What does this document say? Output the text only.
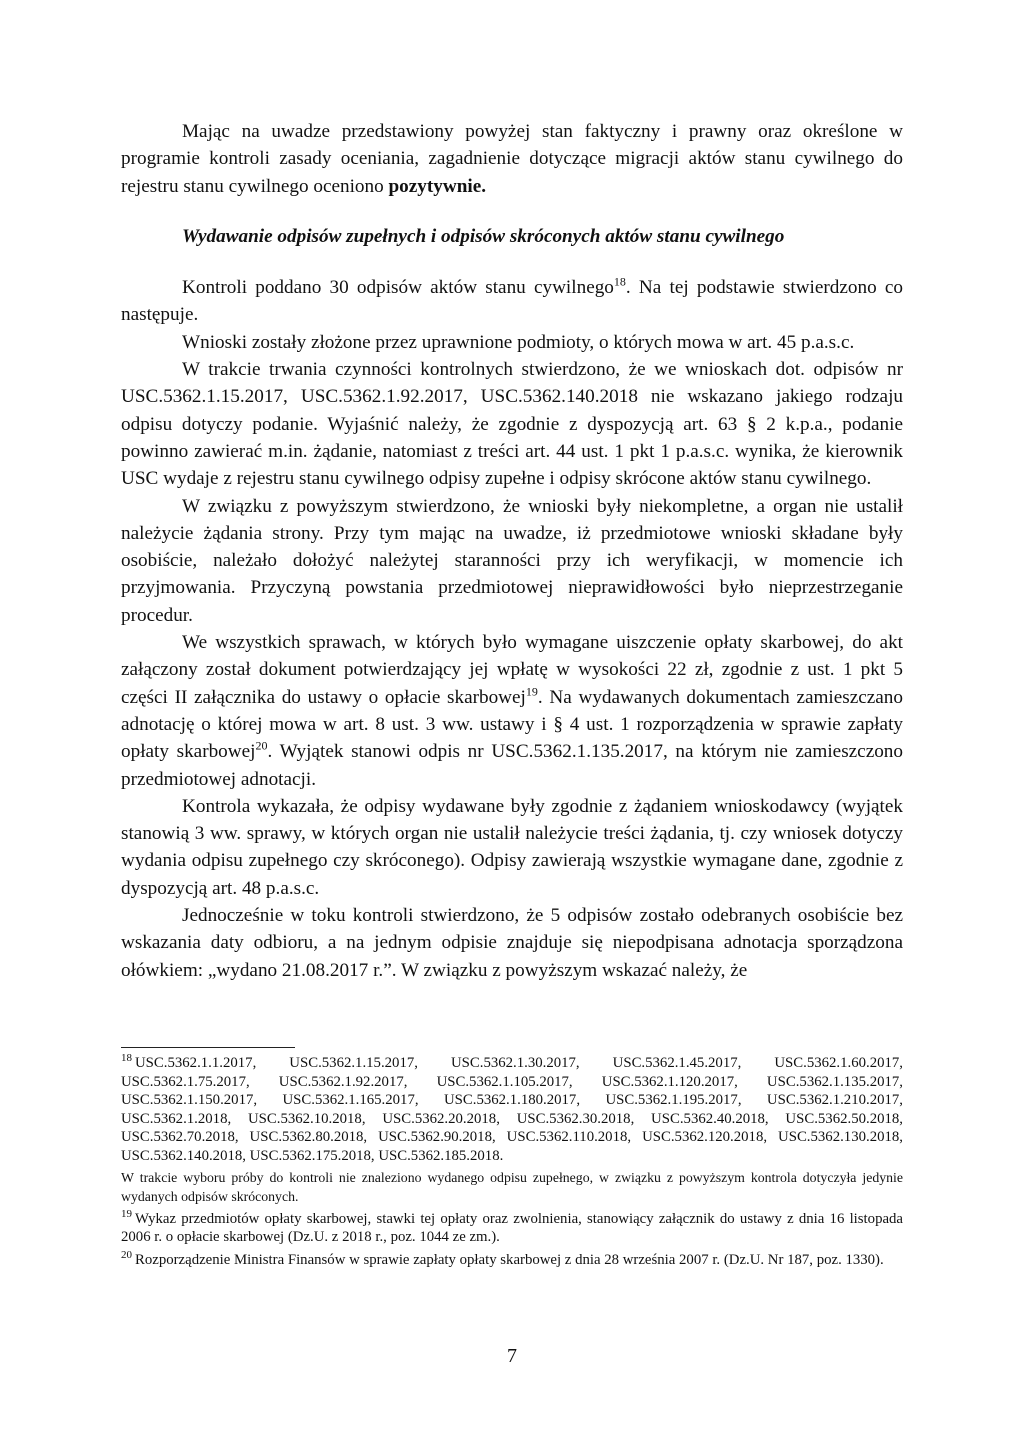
Mając na uwadze przedstawiony powyżej stan faktyczny i prawny oraz określone w programie kontroli zasady oceniania, zagadnienie dotyczące migracji aktów stanu cywilnego do rejestru stanu cywilnego oceniono pozytywnie.

Wydawanie odpisów zupełnych i odpisów skróconych aktów stanu cywilnego

Kontroli poddano 30 odpisów aktów stanu cywilnego$^{18}$. Na tej podstawie stwierdzono co następuje.

Wnioski zostały złożone przez uprawnione podmioty, o których mowa w art. 45 p.a.s.c.

W trakcie trwania czynności kontrolnych stwierdzono, że we wnioskach dot. odpisów nr USC.5362.1.15.2017, USC.5362.1.92.2017, USC.5362.140.2018 nie wskazano jakiego rodzaju odpisu dotyczy podanie. Wyjaśnić należy, że zgodnie z dyspozycją art. 63 § 2 k.p.a., podanie powinno zawierać m.in. żądanie, natomiast z treści art. 44 ust. 1 pkt 1 p.a.s.c. wynika, że kierownik USC wydaje z rejestru stanu cywilnego odpisy zupełne i odpisy skrócone aktów stanu cywilnego.

W związku z powyższym stwierdzono, że wnioski były niekompletne, a organ nie ustalił należycie żądania strony. Przy tym mając na uwadze, iż przedmiotowe wnioski składane były osobiście, należało dołożyć należytej staranności przy ich weryfikacji, w momencie ich przyjmowania. Przyczyną powstania przedmiotowej nieprawidłowości było nieprzestrzeganie procedur.

We wszystkich sprawach, w których było wymagane uiszczenie opłaty skarbowej, do akt załączony został dokument potwierdzający jej wpłatę w wysokości 22 zł, zgodnie z ust. 1 pkt 5 części II załącznika do ustawy o opłacie skarbowej$^{19}$. Na wydawanych dokumentach zamieszczano adnotację o której mowa w art. 8 ust. 3 ww. ustawy i § 4 ust. 1 rozporządzenia w sprawie zapłaty opłaty skarbowej$^{20}$. Wyjątek stanowi odpis nr USC.5362.1.135.2017, na którym nie zamieszczono przedmiotowej adnotacji.

Kontrola wykazała, że odpisy wydawane były zgodnie z żądaniem wnioskodawcy (wyjątek stanowią 3 ww. sprawy, w których organ nie ustalił należycie treści żądania, tj. czy wniosek dotyczy wydania odpisu zupełnego czy skróconego). Odpisy zawierają wszystkie wymagane dane, zgodnie z dyspozycją art. 48 p.a.s.c.

Jednocześnie w toku kontroli stwierdzono, że 5 odpisów zostało odebranych osobiście bez wskazania daty odbioru, a na jednym odpisie znajduje się niepodpisana adnotacja sporządzona ołówkiem: „wydano 21.08.2017 r.”. W związku z powyższym wskazać należy, że

$^{18}$ USC.5362.1.1.2017, USC.5362.1.15.2017, USC.5362.1.30.2017, USC.5362.1.45.2017, USC.5362.1.60.2017, USC.5362.1.75.2017, USC.5362.1.92.2017, USC.5362.1.105.2017, USC.5362.1.120.2017, USC.5362.1.135.2017, USC.5362.1.150.2017, USC.5362.1.165.2017, USC.5362.1.180.2017, USC.5362.1.195.2017, USC.5362.1.210.2017, USC.5362.1.2018, USC.5362.10.2018, USC.5362.20.2018, USC.5362.30.2018, USC.5362.40.2018, USC.5362.50.2018, USC.5362.70.2018, USC.5362.80.2018, USC.5362.90.2018, USC.5362.110.2018, USC.5362.120.2018, USC.5362.130.2018, USC.5362.140.2018, USC.5362.175.2018, USC.5362.185.2018.

W trakcie wyboru próby do kontroli nie znaleziono wydanego odpisu zupełnego, w związku z powyższym kontrola dotyczyła jedynie wydanych odpisów skróconych.

$^{19}$ Wykaz przedmiotów opłaty skarbowej, stawki tej opłaty oraz zwolnienia, stanowiący załącznik do ustawy z dnia 16 listopada 2006 r. o opłacie skarbowej (Dz.U. z 2018 r., poz. 1044 ze zm.).

$^{20}$ Rozporządzenie Ministra Finansów w sprawie zapłaty opłaty skarbowej z dnia 28 września 2007 r. (Dz.U. Nr 187, poz. 1330).

7
